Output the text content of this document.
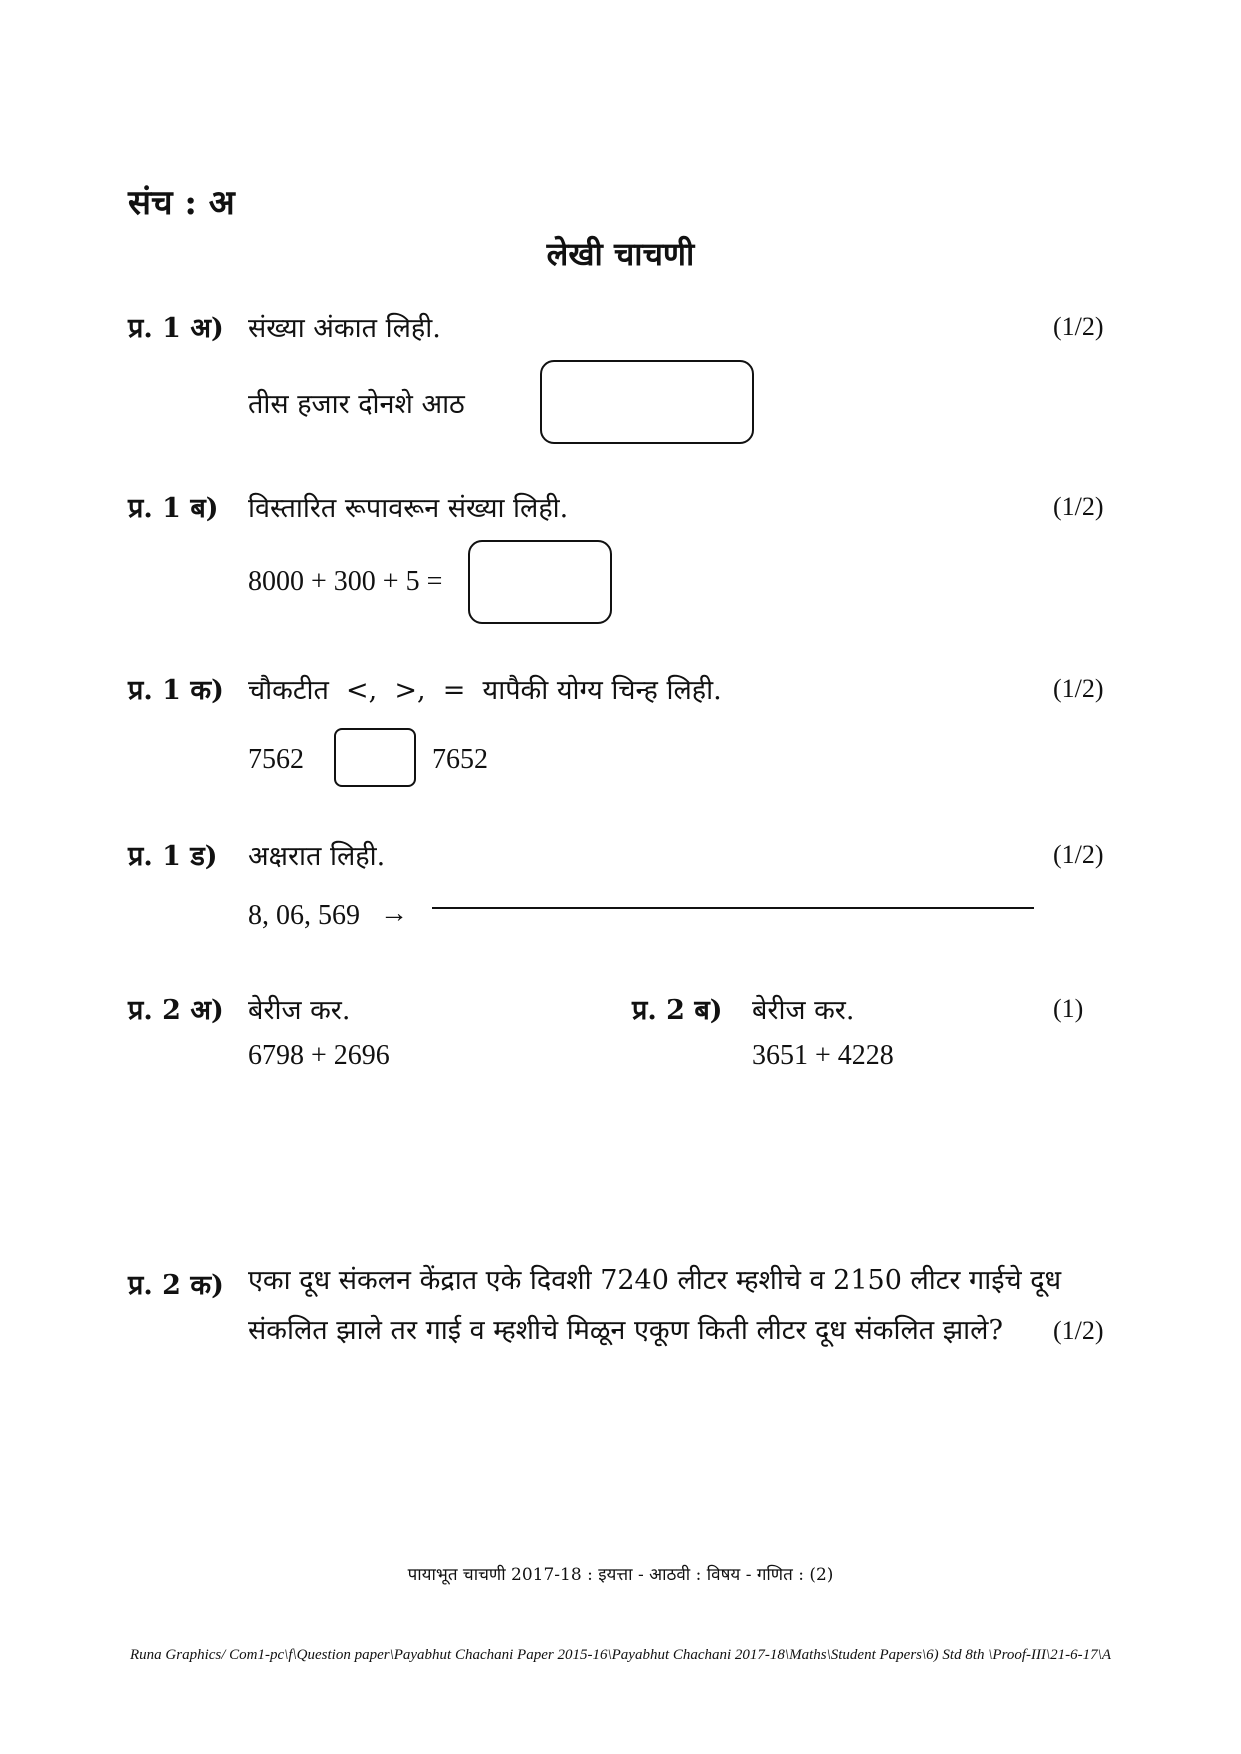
संच : अ
लेखी चाचणी
प्र. 1 अ) संख्या अंकात लिही.	(1/2)
तीस हजार दोनशे आठ
प्र. 1 ब) विस्तारित रूपावरून संख्या लिही.	(1/2)
8000 + 300 + 5 =
प्र. 1 क) चौकटीत  <,  >,  =  यापैकी योग्य चिन्ह लिही.	(1/2)
7562	7652
प्र. 1 ड) अक्षरात लिही.	(1/2)
8, 06, 569 →
प्र. 2 अ) बेरीज कर.
6798 + 2696
प्र. 2 ब) बेरीज कर.	(1)
3651 + 4228
प्र. 2 क) एका दूध संकलन केंद्रात एके दिवशी 7240 लीटर म्हशीचे व 2150 लीटर गाईचे दूध
संकलित झाले तर गाई व म्हशीचे मिळून एकूण किती लीटर दूध संकलित झाले? (1/2)
पायाभूत चाचणी 2017-18 : इयत्ता - आठवी : विषय - गणित : (2)
Runa Graphics/ Com1-pc\f\Question paper\Payabhut Chachani Paper 2015-16\Payabhut Chachani 2017-18\Maths\Student Papers\6) Std 8th \Proof-III\21-6-17\A
